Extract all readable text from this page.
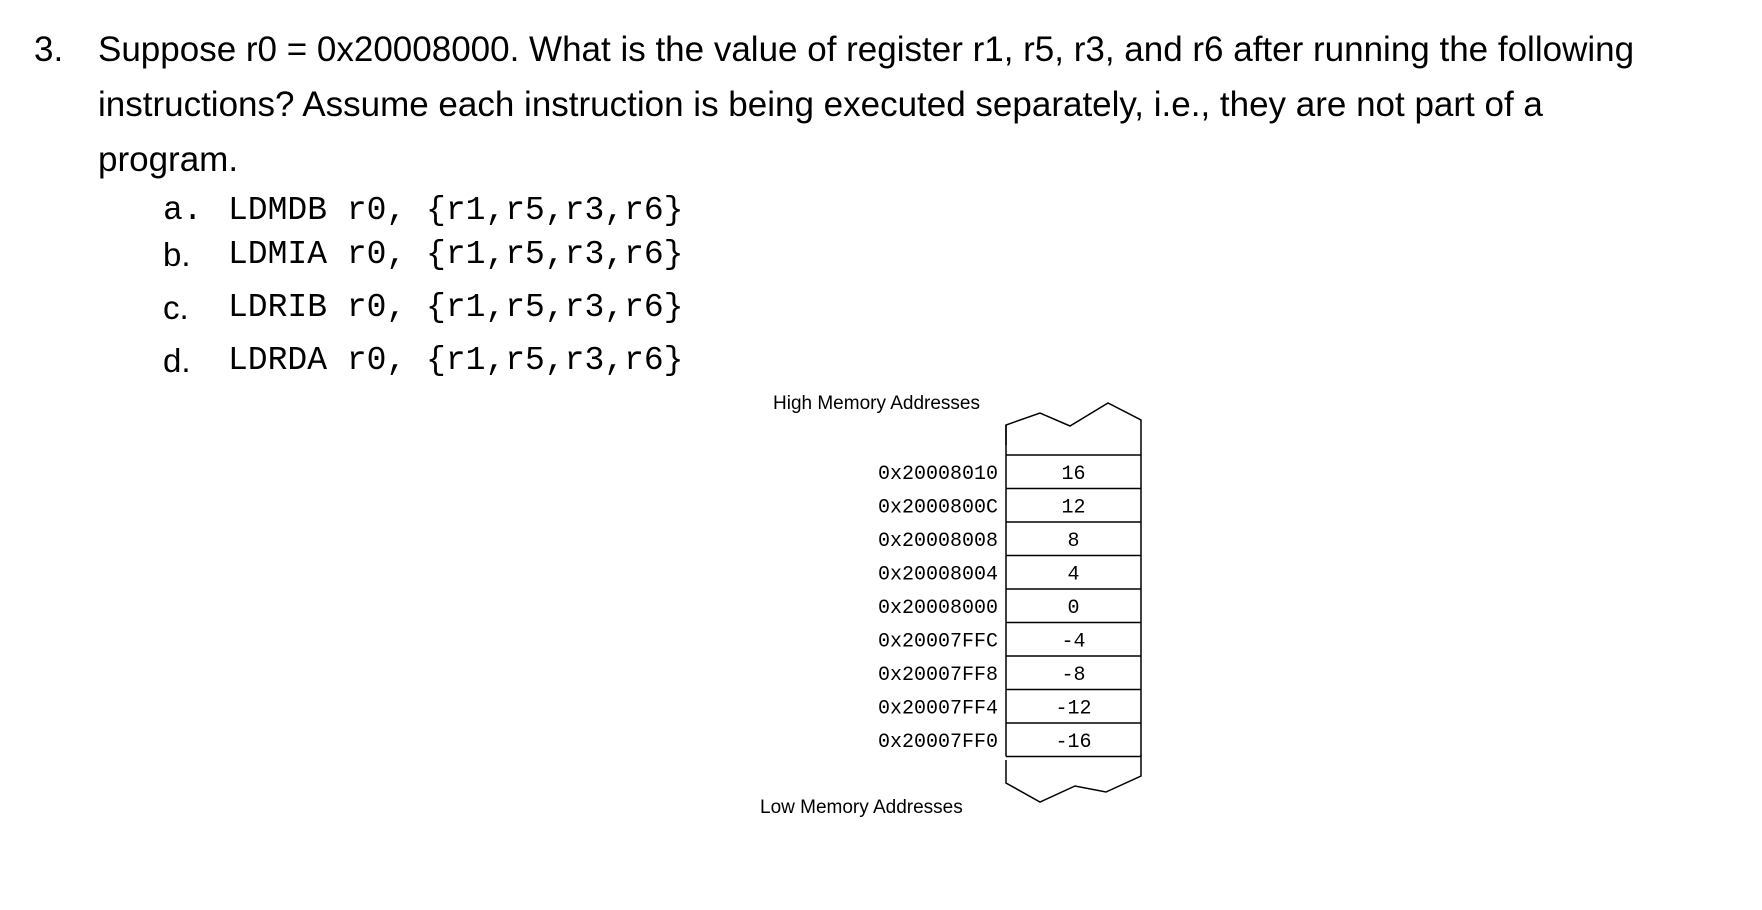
3. Suppose r0 = 0x20008000. What is the value of register r1, r5, r3, and r6 after running the following instructions? Assume each instruction is being executed separately, i.e., they are not part of a program.
a. LDMDB r0, {r1,r5,r3,r6}
b. LDMIA r0, {r1,r5,r3,r6}
c. LDRIB r0, {r1,r5,r3,r6}
d. LDRDA r0, {r1,r5,r3,r6}
High Memory Addresses
Low Memory Addresses
0x20008010	16
0x2000800C	12
0x20008008	8
0x20008004	4
0x20008000	0
0x20007FFC	-4
0x20007FF8	-8
0x20007FF4	-12
0x20007FF0	-16
